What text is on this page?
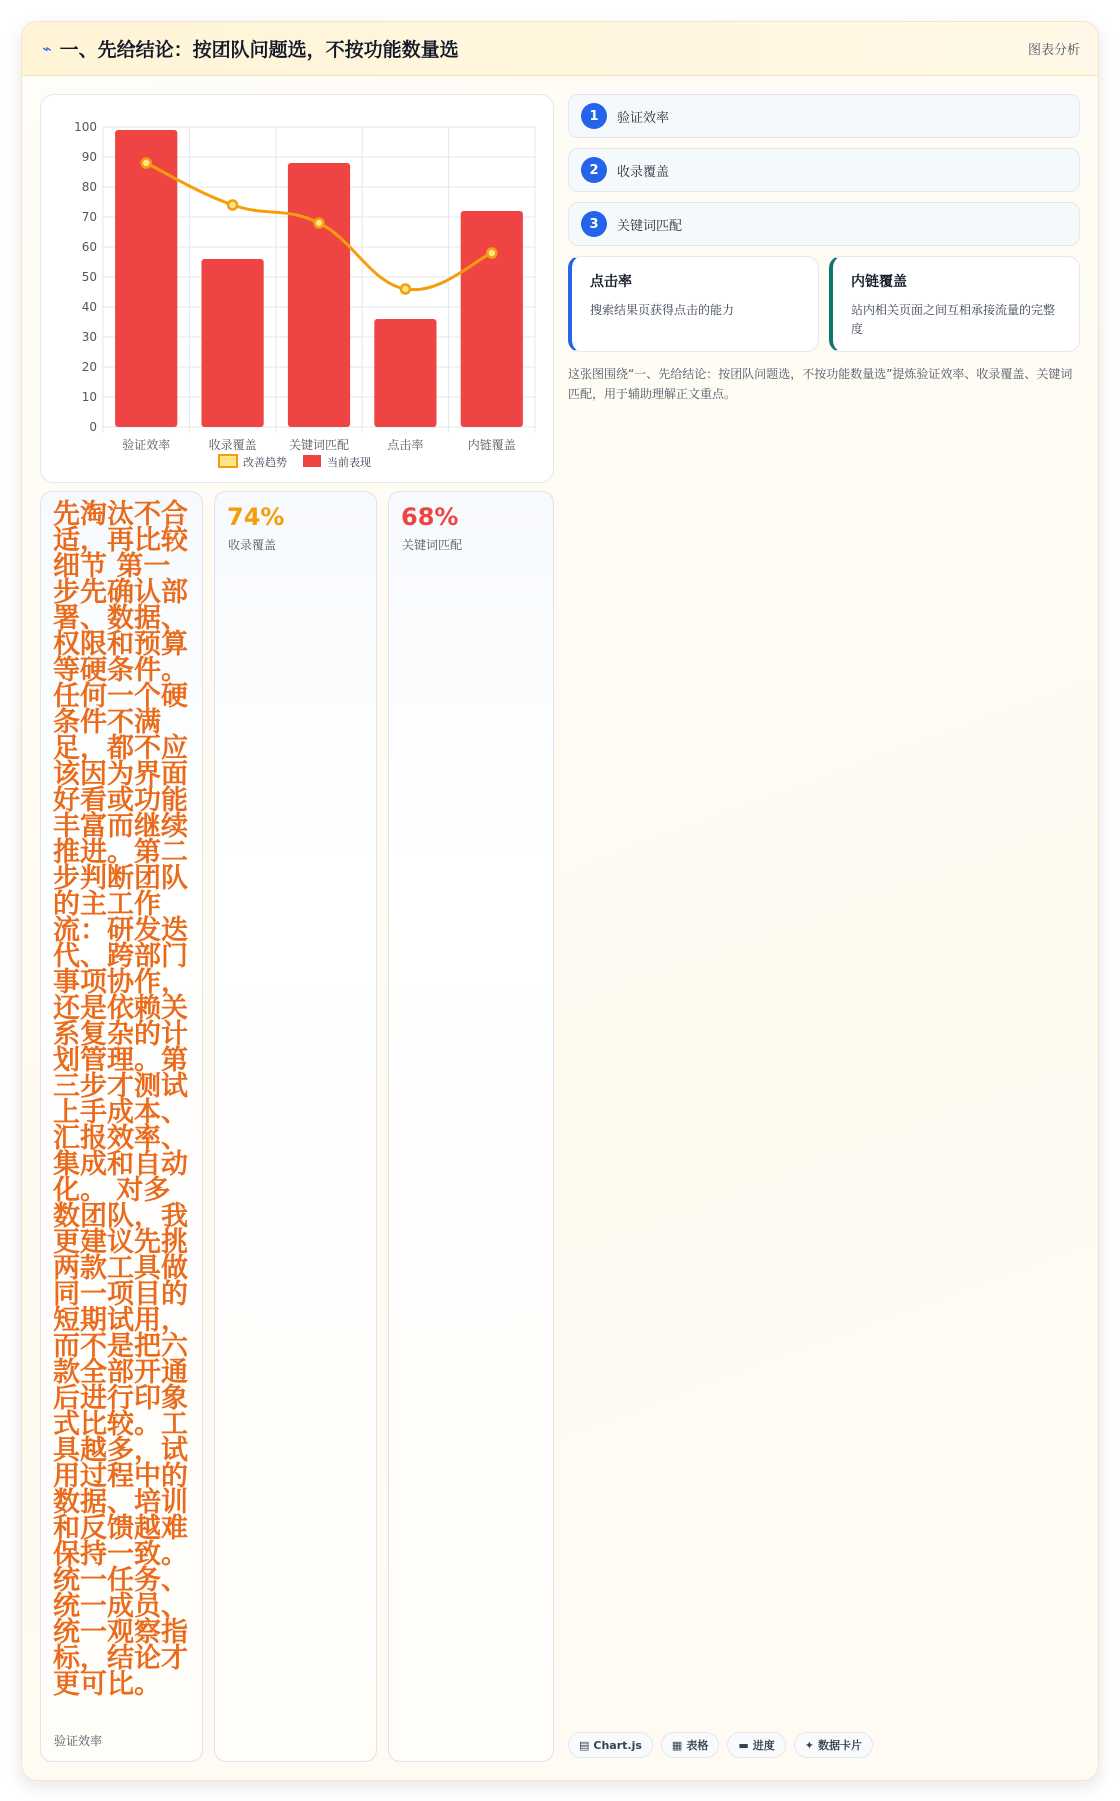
⌁ 一、先给结论：按团队问题选，不按功能数量选	图表分析
0
10
20
30
40
50
60
70
80
90
100
验证效率	收录覆盖	关键词匹配	点击率	内链覆盖
改善趋势	当前表现
1	验证效率
2	收录覆盖
3	关键词匹配
点击率
搜索结果页获得点击的能力
内链覆盖
站内相关页面之间互相承接流量的完整度
这张图围绕“一、先给结论：按团队问题选，不按功能数量选”提炼验证效率、收录覆盖、关键词匹配，用于辅助理解正文重点。
先淘汰不合适，再比较细节 第一步先确认部署、数据、权限和预算等硬条件。任何一个硬条件不满足，都不应该因为界面好看或功能丰富而继续推进。第二步判断团队的主工作流：研发迭代、跨部门事项协作，还是依赖关系复杂的计划管理。第三步才测试上手成本、汇报效率、集成和自动化。 对多数团队，我更建议先挑两款工具做同一项目的短期试用，而不是把六款全部开通后进行印象式比较。工具越多，试用过程中的数据、培训和反馈越难保持一致。统一任务、统一成员、统一观察指标，结论才更可比。
验证效率
74%
收录覆盖
68%
关键词匹配
▤ Chart.js	▦ 表格	▬ 进度	✦ 数据卡片
